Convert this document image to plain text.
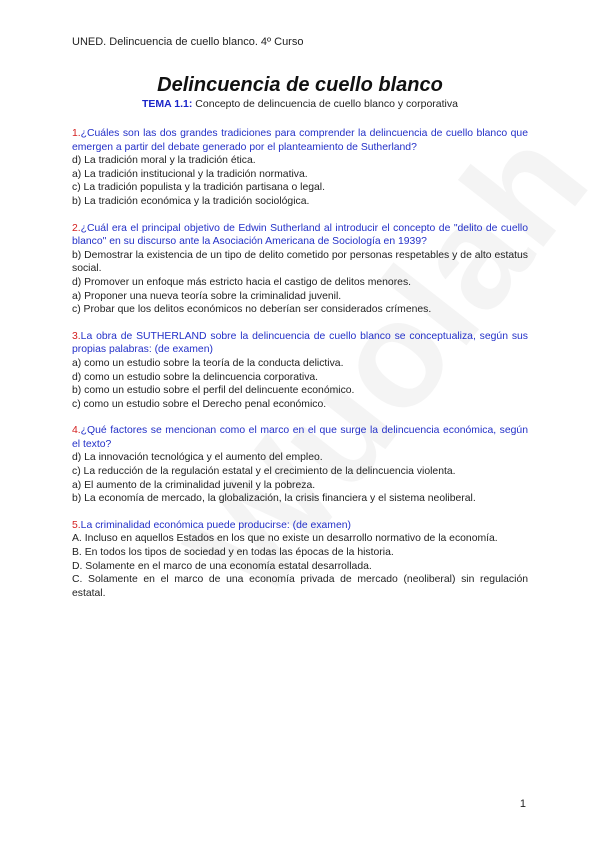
UNED. Delincuencia de cuello blanco. 4º Curso
Delincuencia de cuello blanco
TEMA 1.1: Concepto de delincuencia de cuello blanco y corporativa
1.¿Cuáles son las dos grandes tradiciones para comprender la delincuencia de cuello blanco que emergen a partir del debate generado por el planteamiento de Sutherland?
d) La tradición moral y la tradición ética.
a) La tradición institucional y la tradición normativa.
c) La tradición populista y la tradición partisana o legal.
b) La tradición económica y la tradición sociológica.
2.¿Cuál era el principal objetivo de Edwin Sutherland al introducir el concepto de "delito de cuello blanco" en su discurso ante la Asociación Americana de Sociología en 1939?
b) Demostrar la existencia de un tipo de delito cometido por personas respetables y de alto estatus social.
d) Promover un enfoque más estricto hacia el castigo de delitos menores.
a) Proponer una nueva teoría sobre la criminalidad juvenil.
c) Probar que los delitos económicos no deberían ser considerados crímenes.
3.La obra de SUTHERLAND sobre la delincuencia de cuello blanco se conceptualiza, según sus propias palabras: (de examen)
a) como un estudio sobre la teoría de la conducta delictiva.
d) como un estudio sobre la delincuencia corporativa.
b) como un estudio sobre el perfil del delincuente económico.
c) como un estudio sobre el Derecho penal económico.
4.¿Qué factores se mencionan como el marco en el que surge la delincuencia económica, según el texto?
d) La innovación tecnológica y el aumento del empleo.
c) La reducción de la regulación estatal y el crecimiento de la delincuencia violenta.
a) El aumento de la criminalidad juvenil y la pobreza.
b) La economía de mercado, la globalización, la crisis financiera y el sistema neoliberal.
5.La criminalidad económica puede producirse: (de examen)
A. Incluso en aquellos Estados en los que no existe un desarrollo normativo de la economía.
B. En todos los tipos de sociedad y en todas las épocas de la historia.
D. Solamente en el marco de una economía estatal desarrollada.
C. Solamente en el marco de una economía privada de mercado (neoliberal) sin regulación estatal.
1
